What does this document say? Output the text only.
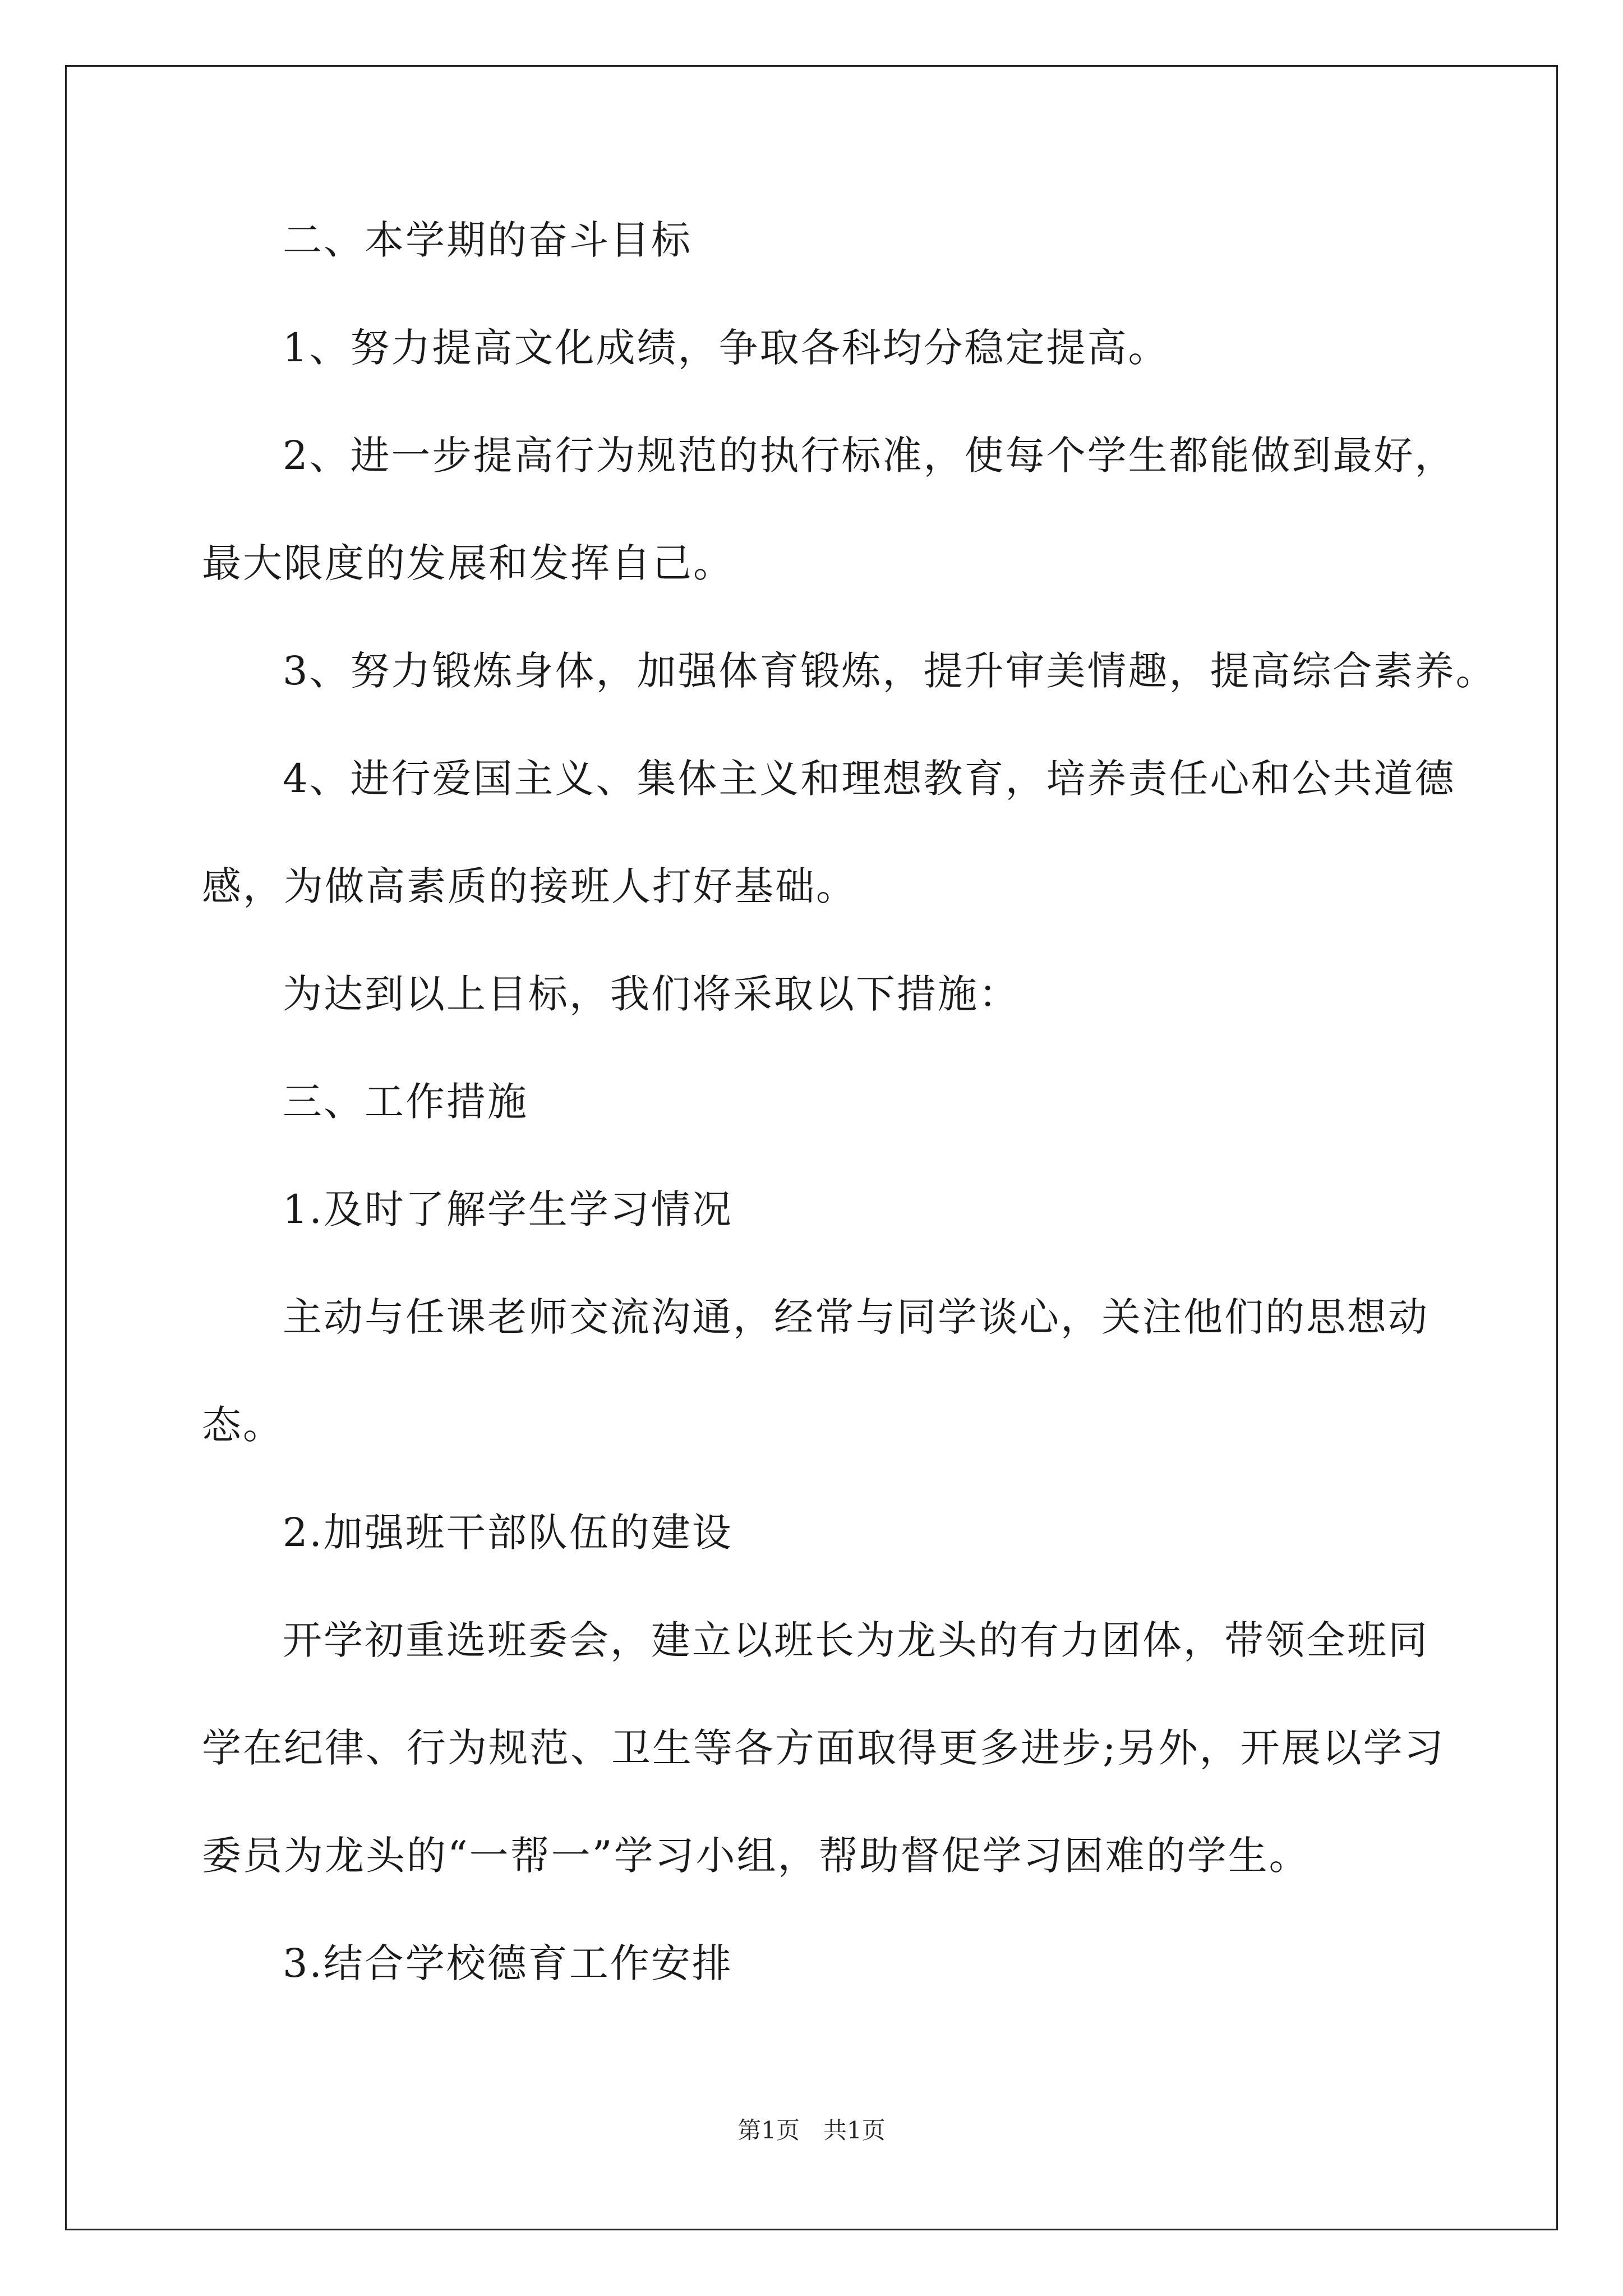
二、本学期的奋斗目标
1、努力提高文化成绩，争取各科均分稳定提高。
2、进一步提高行为规范的执行标准，使每个学生都能做到最好，
最大限度的发展和发挥自己。
3、努力锻炼身体，加强体育锻炼，提升审美情趣，提高综合素养。
4、进行爱国主义、集体主义和理想教育，培养责任心和公共道德
感，为做高素质的接班人打好基础。
为达到以上目标，我们将采取以下措施：
三、工作措施
1.及时了解学生学习情况
主动与任课老师交流沟通，经常与同学谈心，关注他们的思想动
态。
2.加强班干部队伍的建设
开学初重选班委会，建立以班长为龙头的有力团体，带领全班同
学在纪律、行为规范、卫生等各方面取得更多进步;另外，开展以学习
委员为龙头的“一帮一”学习小组，帮助督促学习困难的学生。
3.结合学校德育工作安排
第1页　共1页
